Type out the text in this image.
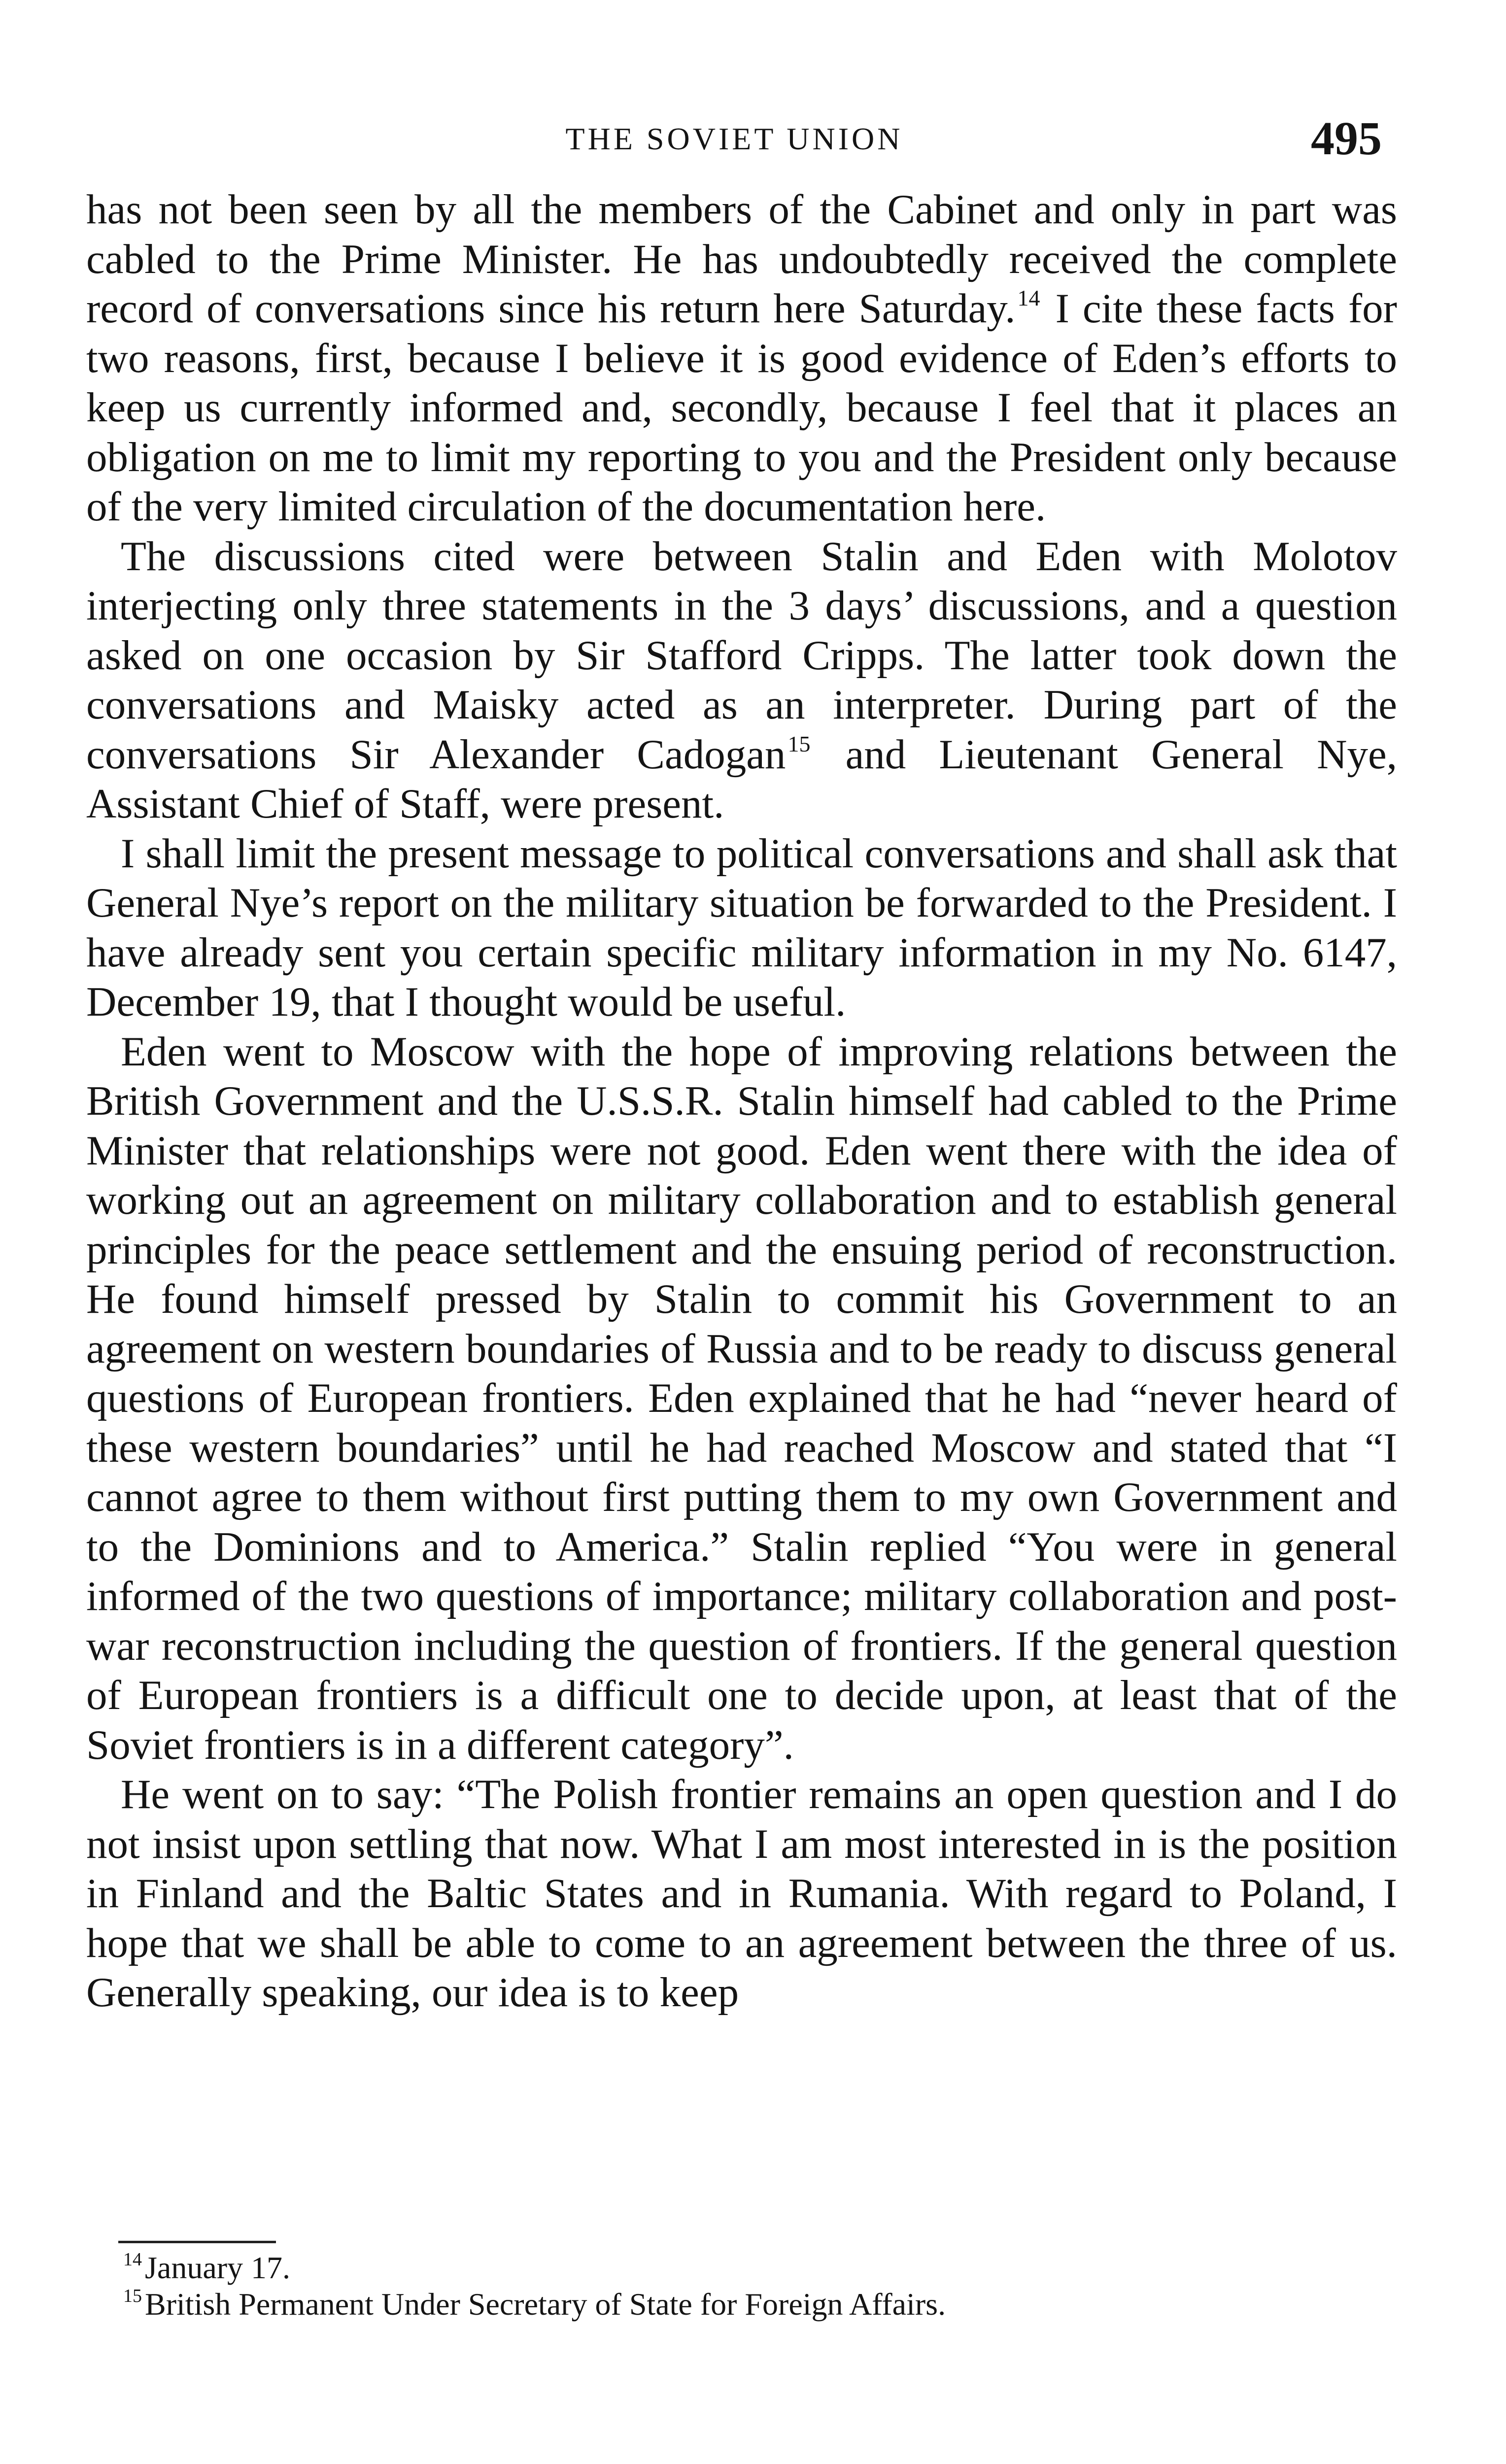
THE SOVIET UNION	495

has not been seen by all the members of the Cabinet and only in part was cabled to the Prime Minister. He has undoubtedly received the complete record of conversations since his return here Saturday.$^{14}$ I cite these facts for two reasons, first, because I believe it is good evidence of Eden’s efforts to keep us currently informed and, secondly, because I feel that it places an obligation on me to limit my reporting to you and the President only because of the very limited circulation of the documentation here.

The discussions cited were between Stalin and Eden with Molotov interjecting only three statements in the 3 days’ discussions, and a question asked on one occasion by Sir Stafford Cripps. The latter took down the conversations and Maisky acted as an interpreter. During part of the conversations Sir Alexander Cadogan$^{15}$ and Lieutenant General Nye, Assistant Chief of Staff, were present.

I shall limit the present message to political conversations and shall ask that General Nye’s report on the military situation be forwarded to the President. I have already sent you certain specific military information in my No. 6147, December 19, that I thought would be useful.

Eden went to Moscow with the hope of improving relations between the British Government and the U.S.S.R. Stalin himself had cabled to the Prime Minister that relationships were not good. Eden went there with the idea of working out an agreement on military collaboration and to establish general principles for the peace settlement and the ensuing period of reconstruction. He found himself pressed by Stalin to commit his Government to an agreement on western boundaries of Russia and to be ready to discuss general questions of European frontiers. Eden explained that he had “never heard of these western boundaries” until he had reached Moscow and stated that “I cannot agree to them without first putting them to my own Government and to the Dominions and to America.” Stalin replied “You were in general informed of the two questions of importance; military collaboration and post-war reconstruction including the question of frontiers. If the general question of European frontiers is a difficult one to decide upon, at least that of the Soviet frontiers is in a different category”.

He went on to say: “The Polish frontier remains an open question and I do not insist upon settling that now. What I am most interested in is the position in Finland and the Baltic States and in Rumania. With regard to Poland, I hope that we shall be able to come to an agreement between the three of us. Generally speaking, our idea is to keep

$^{14}$January 17.

$^{15}$British Permanent Under Secretary of State for Foreign Affairs.
